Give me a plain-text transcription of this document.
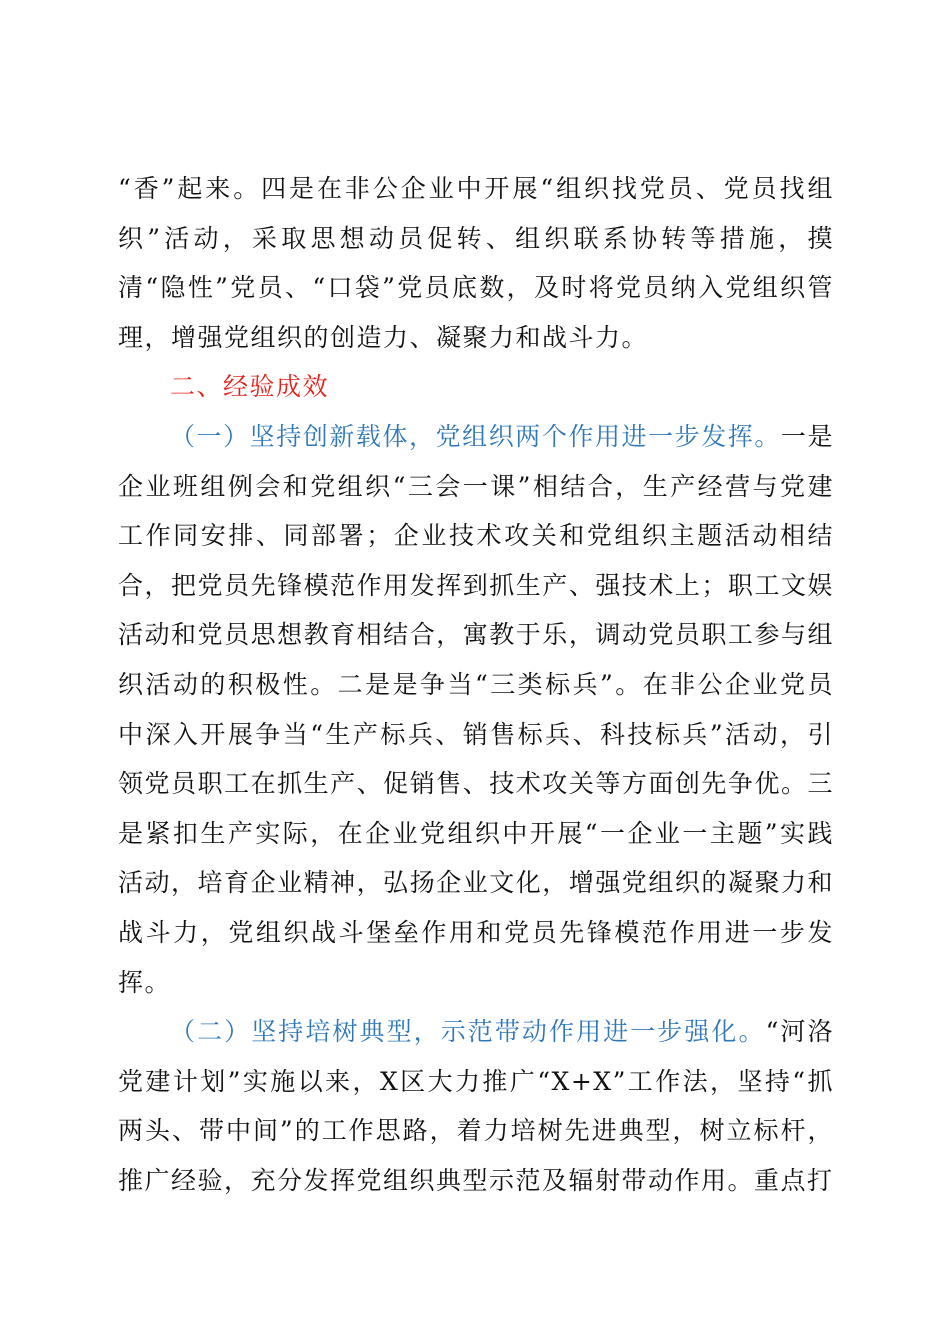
“香”起来。四是在非公企业中开展“组织找党员、党员找组织”活动，采取思想动员促转、组织联系协转等措施，摸清“隐性”党员、“口袋”党员底数，及时将党员纳入党组织管理，增强党组织的创造力、凝聚力和战斗力。

二、经验成效

（一）坚持创新载体，党组织两个作用进一步发挥。一是企业班组例会和党组织“三会一课”相结合，生产经营与党建工作同安排、同部署；企业技术攻关和党组织主题活动相结合，把党员先锋模范作用发挥到抓生产、强技术上；职工文娱活动和党员思想教育相结合，寓教于乐，调动党员职工参与组织活动的积极性。二是是争当“三类标兵”。在非公企业党员中深入开展争当“生产标兵、销售标兵、科技标兵”活动，引领党员职工在抓生产、促销售、技术攻关等方面创先争优。三是紧扣生产实际，在企业党组织中开展“一企业一主题”实践活动，培育企业精神，弘扬企业文化，增强党组织的凝聚力和战斗力，党组织战斗堡垒作用和党员先锋模范作用进一步发挥。

（二）坚持培树典型，示范带动作用进一步强化。“河洛党建计划”实施以来，X区大力推广“X+X”工作法，坚持“抓两头、带中间”的工作思路，着力培树先进典型，树立标杆，推广经验，充分发挥党组织典型示范及辐射带动作用。重点打
